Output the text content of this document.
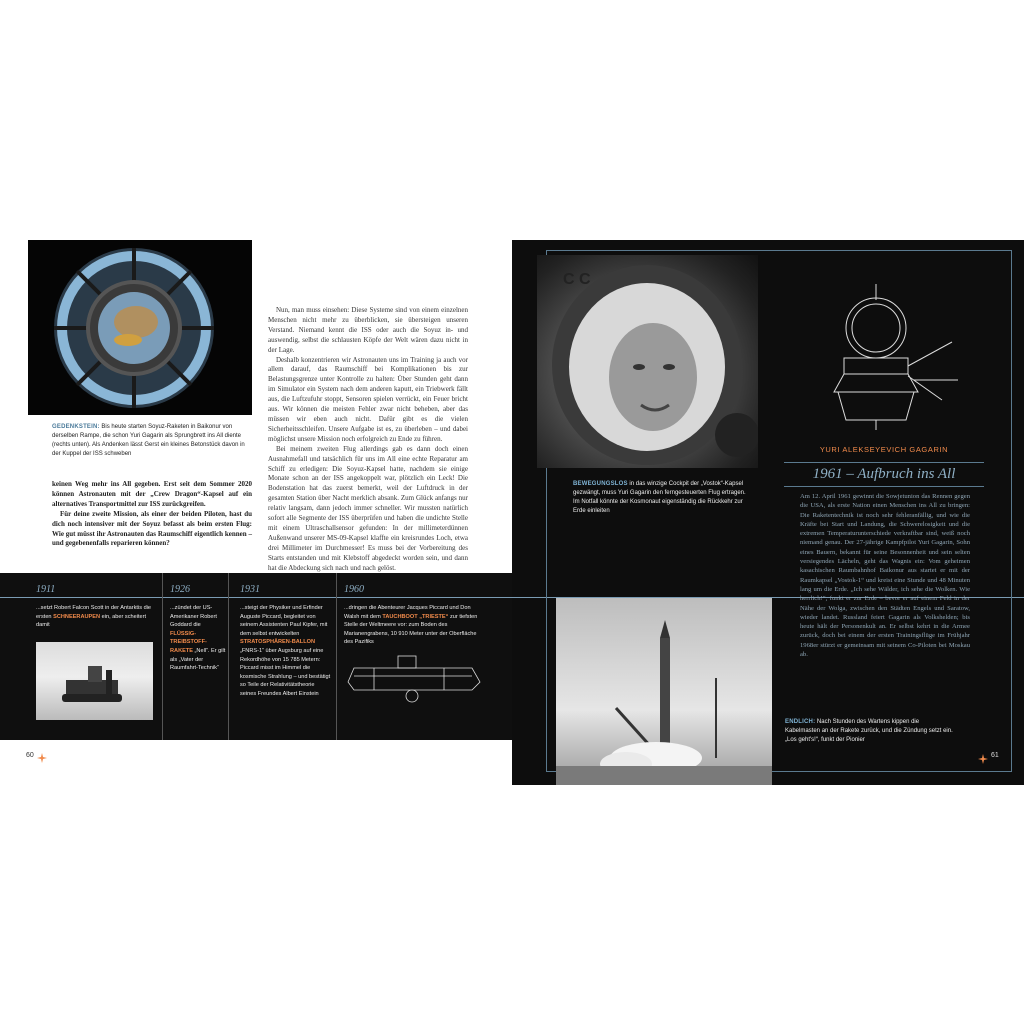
GEDENKSTEIN: Bis heute starten Soyuz-Raketen in Baikonur von derselben Rampe, die schon Yuri Gagarin als Sprungbrett ins All diente (rechts unten). Als Andenken lässt Gerst ein kleines Betonstück davon in der Kuppel der ISS schweben

keinen Weg mehr ins All gegeben. Erst seit dem Sommer 2020 können Astronauten mit der „Crew Dragon“-Kapsel auf ein alternatives Transportmittel zur ISS zurückgreifen.

Für deine zweite Mission, als einer der beiden Piloten, hast du dich noch intensiver mit der Soyuz befasst als beim ersten Flug: Wie gut müsst ihr Astronauten das Raumschiff eigentlich kennen – und gegebenenfalls reparieren können?

Nun, man muss einsehen: Diese Systeme sind von einem einzelnen Menschen nicht mehr zu überblicken, sie übersteigen unseren Verstand. Niemand kennt die ISS oder auch die Soyuz in- und auswendig, selbst die schlausten Köpfe der Welt wären dazu nicht in der Lage.

Deshalb konzentrieren wir Astronauten uns im Training ja auch vor allem darauf, das Raumschiff bei Komplikationen bis zur Belastungsgrenze unter Kontrolle zu halten: Über Stunden geht dann im Simulator ein System nach dem anderen kaputt, ein Triebwerk fällt aus, die Luftzufuhr stoppt, Sensoren spielen verrückt, ein Feuer bricht aus. Wir können die meisten Fehler zwar nicht beheben, aber das müssen wir eben auch nicht. Dafür gibt es die vielen Sicherheitsschleifen. Unsere Aufgabe ist es, zu überleben – und dabei möglichst unsere Mission noch erfolgreich zu Ende zu führen.

Bei meinem zweiten Flug allerdings gab es dann doch einen Ausnahmefall und tatsächlich für uns im All eine echte Reparatur am Schiff zu erledigen: Die Soyuz-Kapsel hatte, nachdem sie einige Monate schon an der ISS angekoppelt war, plötzlich ein Leck! Die Bodenstation hat das zuerst bemerkt, weil der Luftdruck in der gesamten Station über Nacht merklich absank. Zum Glück anfangs nur relativ langsam, dann jedoch immer schneller. Wir mussten natürlich sofort alle Segmente der ISS überprüfen und haben die undichte Stelle mit einem Ultraschallsensor gefunden: In der millimeterdünnen Außenwand unserer MS-09-Kapsel klaffte ein kreisrundes Loch, etwa drei Millimeter im Durchmesser! Es muss bei der Vorbereitung des Starts entstanden und mit Klebstoff abgedeckt worden sein, und dann hat die Abdeckung sich nach und nach gelöst.

1911	1926	1931	1960
...setzt Robert Falcon Scott in der Antarktis die ersten SCHNEERAUPEN ein, aber scheitert damit
...zündet der US-Amerikaner Robert Goddard die FLÜSSIG-TREIBSTOFF-RAKETE „Nell“. Er gilt als „Vater der Raumfahrt-Technik“
...steigt der Physiker und Erfinder Auguste Piccard, begleitet von seinem Assistenten Paul Kipfer, mit dem selbst entwickelten STRATOSPHÄREN-BALLON „FNRS-1“ über Augsburg auf eine Rekordhöhe von 15 785 Metern: Piccard misst im Himmel die kosmische Strahlung – und bestätigt so Teile der Relativitätstheorie seines Freundes Albert Einstein
...dringen die Abenteurer Jacques Piccard und Don Walsh mit dem TAUCHBOOT „TRIESTE“ zur tiefsten Stelle der Weltmeere vor: zum Boden des Marianengrabens, 10 910 Meter unter der Oberfläche des Pazifiks
60
С С
BEWEGUNGSLOS in das winzige Cockpit der „Vostok“-Kapsel gezwängt, muss Yuri Gagarin den ferngesteuerten Flug ertragen. Im Notfall könnte der Kosmonaut eigenständig die Rückkehr zur Erde einleiten
YURI ALEKSEYEVICH GAGARIN
1961 – Aufbruch ins All
Am 12. April 1961 gewinnt die Sowjetunion das Rennen gegen die USA, als erste Nation einen Menschen ins All zu bringen: Die Raketentechnik ist noch sehr fehleranfällig, und wie die Kräfte bei Start und Landung, die Schwerelosigkeit und die extremen Temperaturunterschiede verkraftbar sind, weiß noch niemand genau. Der 27-jährige Kampfpilot Yuri Gagarin, Sohn eines Bauern, bekannt für seine Besonnenheit und sein selten versiegendes Lächeln, geht das Wagnis ein: Vom geheimen kasachischen Raumbahnhof Baikonur aus startet er mit der Raumkapsel „Vostok-1“ und kreist eine Stunde und 48 Minuten lang um die Erde. „Ich sehe Wälder, ich sehe die Wolken. Wie herrlich!“, funkt er zur Erde – bevor er auf einem Feld in der Nähe der Wolga, zwischen den Städten Engels und Saratow, wieder landet. Russland feiert Gagarin als Volkshelden; bis heute hält der Personenkult an. Er selbst kehrt in die Armee zurück, doch bei einem der ersten Trainingsflüge im Frühjahr 1968er stürzt er gemeinsam mit seinem Co-Piloten bei Moskau ab.
ENDLICH: Nach Stunden des Wartens kippen die Kabelmasten an der Rakete zurück, und die Zündung setzt ein. „Los geht's!“, funkt der Pionier
61
